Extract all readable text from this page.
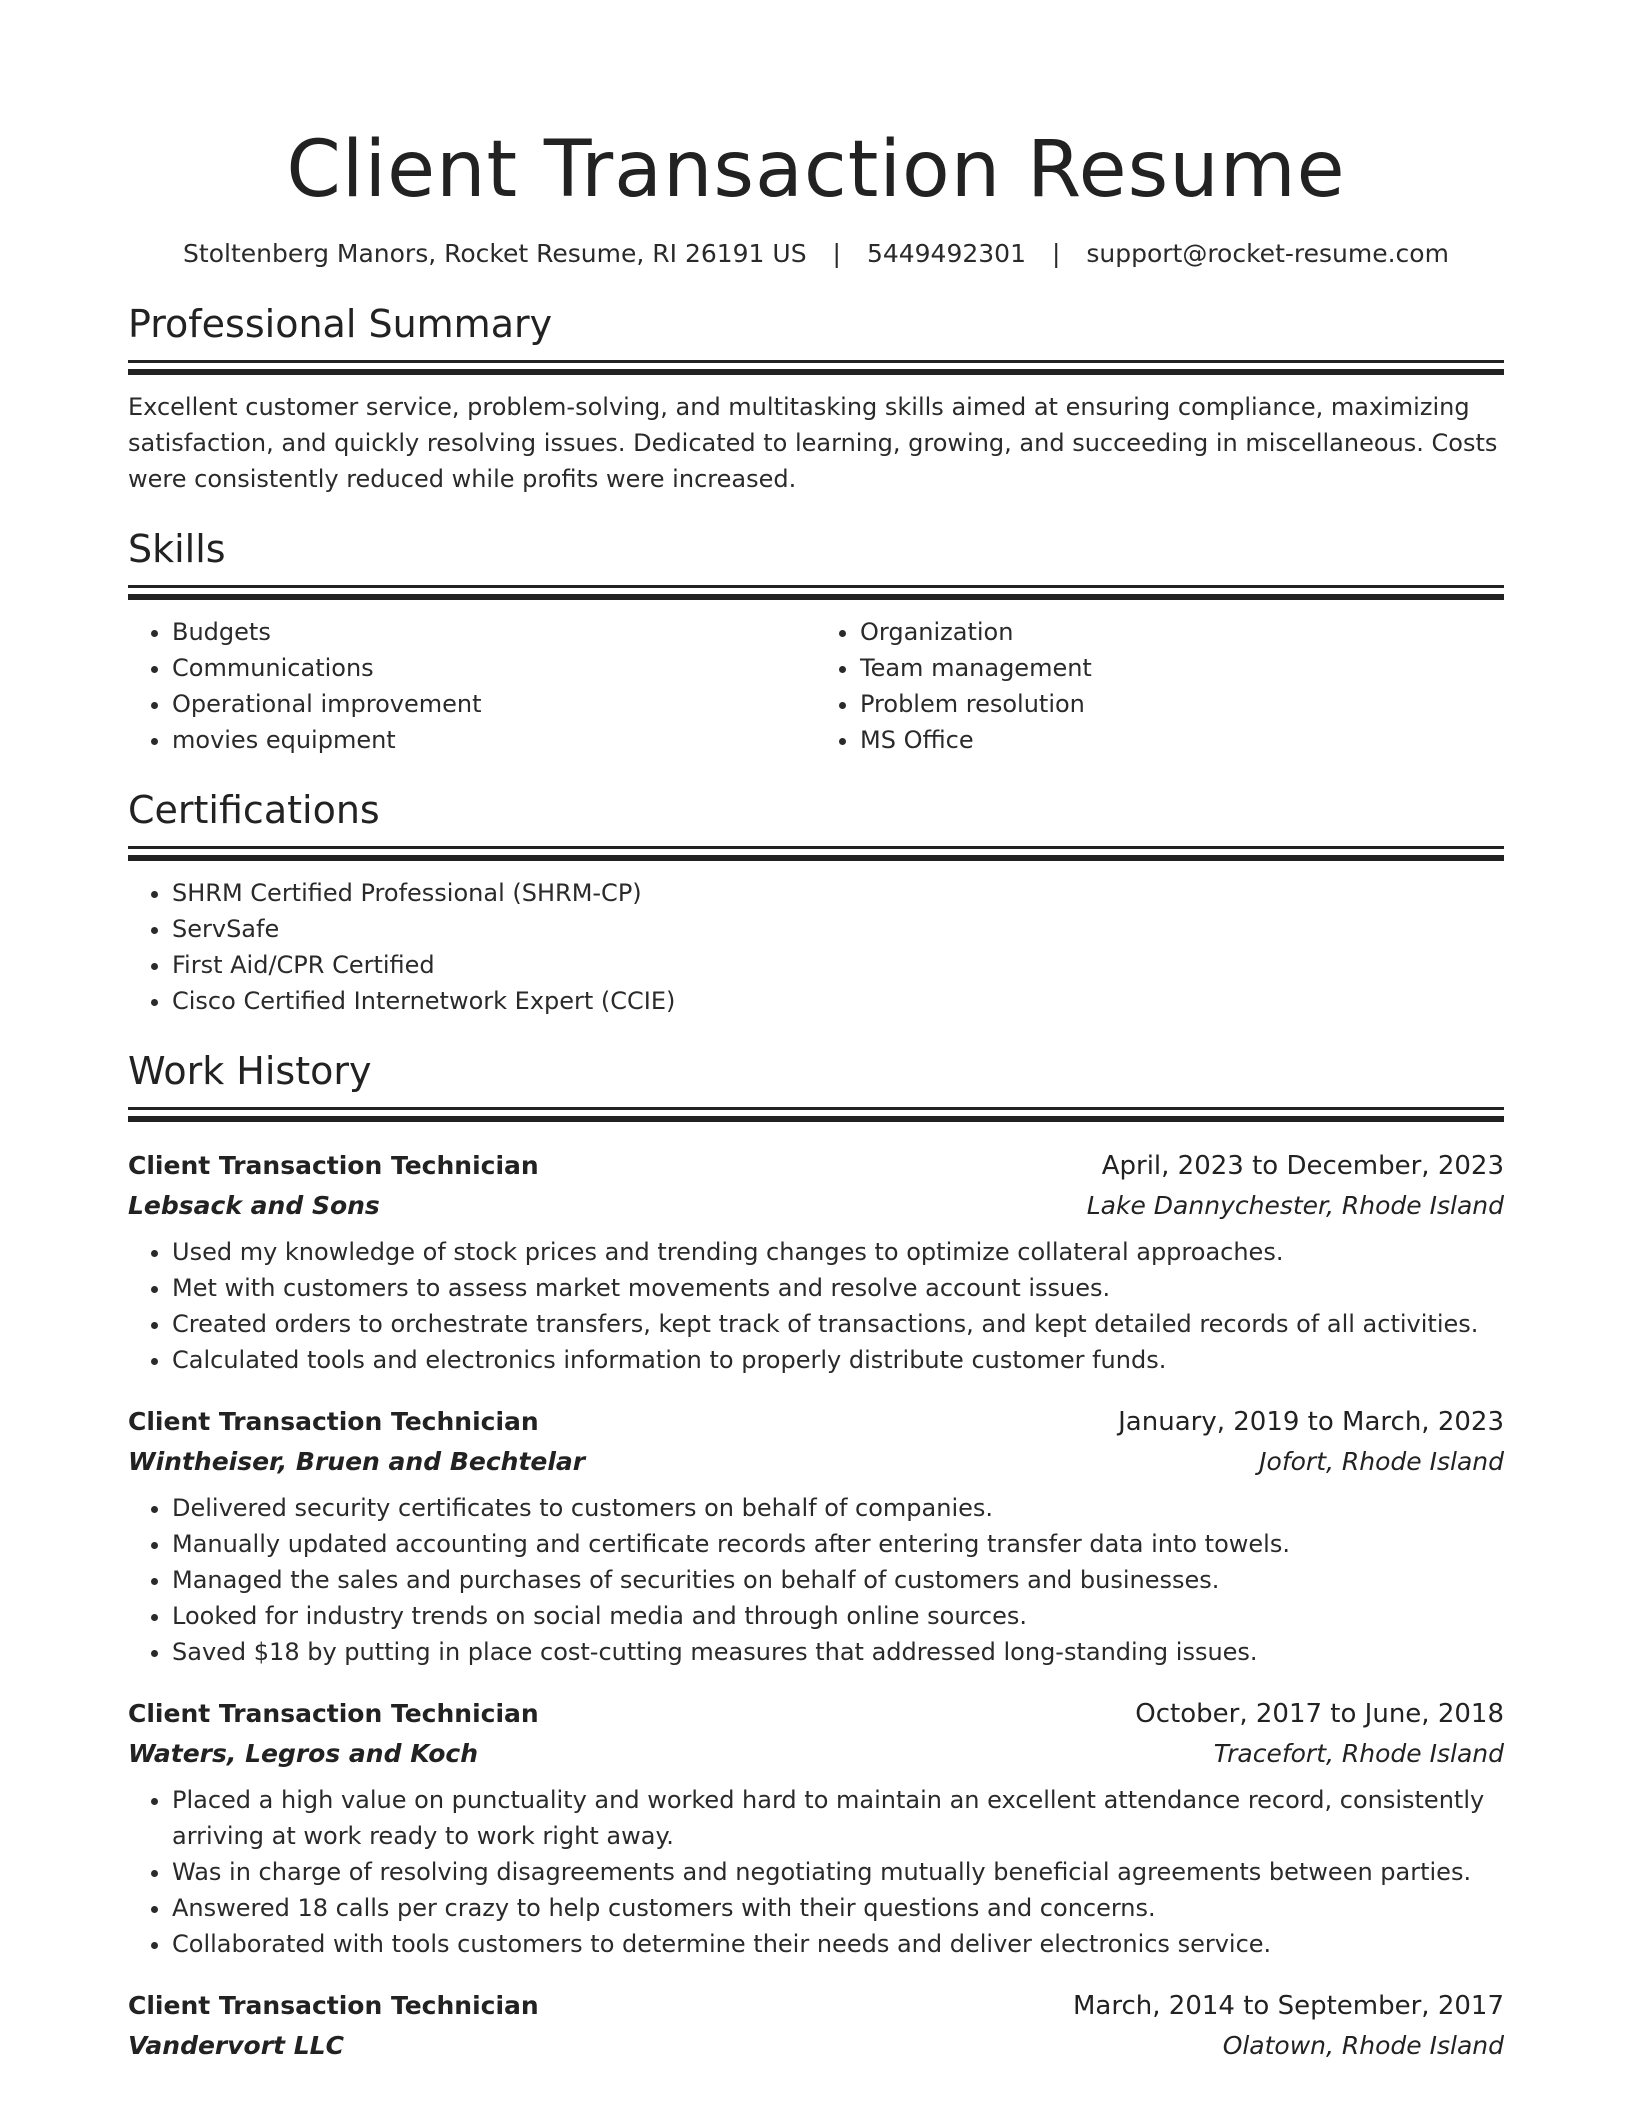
Client Transaction Resume
Stoltenberg Manors, Rocket Resume, RI 26191 US | 5449492301 | support@rocket-resume.com
Professional Summary

Excellent customer service, problem-solving, and multitasking skills aimed at ensuring compliance, maximizing satisfaction, and quickly resolving issues. Dedicated to learning, growing, and succeeding in miscellaneous. Costs were consistently reduced while profits were increased.

Skills
• Budgets
• Communications
• Operational improvement
• movies equipment
• Organization
• Team management
• Problem resolution
• MS Office
Certifications
• SHRM Certified Professional (SHRM-CP)
• ServSafe
• First Aid/CPR Certified
• Cisco Certified Internetwork Expert (CCIE)
Work History
Client Transaction Technician	April, 2023 to December, 2023
Lebsack and Sons	Lake Dannychester, Rhode Island
• Used my knowledge of stock prices and trending changes to optimize collateral approaches.
• Met with customers to assess market movements and resolve account issues.
• Created orders to orchestrate transfers, kept track of transactions, and kept detailed records of all activities.
• Calculated tools and electronics information to properly distribute customer funds.
Client Transaction Technician	January, 2019 to March, 2023
Wintheiser, Bruen and Bechtelar	Jofort, Rhode Island
• Delivered security certificates to customers on behalf of companies.
• Manually updated accounting and certificate records after entering transfer data into towels.
• Managed the sales and purchases of securities on behalf of customers and businesses.
• Looked for industry trends on social media and through online sources.
• Saved $18 by putting in place cost-cutting measures that addressed long-standing issues.
Client Transaction Technician	October, 2017 to June, 2018
Waters, Legros and Koch	Tracefort, Rhode Island
• Placed a high value on punctuality and worked hard to maintain an excellent attendance record, consistently arriving at work ready to work right away.
• Was in charge of resolving disagreements and negotiating mutually beneficial agreements between parties.
• Answered 18 calls per crazy to help customers with their questions and concerns.
• Collaborated with tools customers to determine their needs and deliver electronics service.
Client Transaction Technician	March, 2014 to September, 2017
Vandervort LLC	Olatown, Rhode Island
